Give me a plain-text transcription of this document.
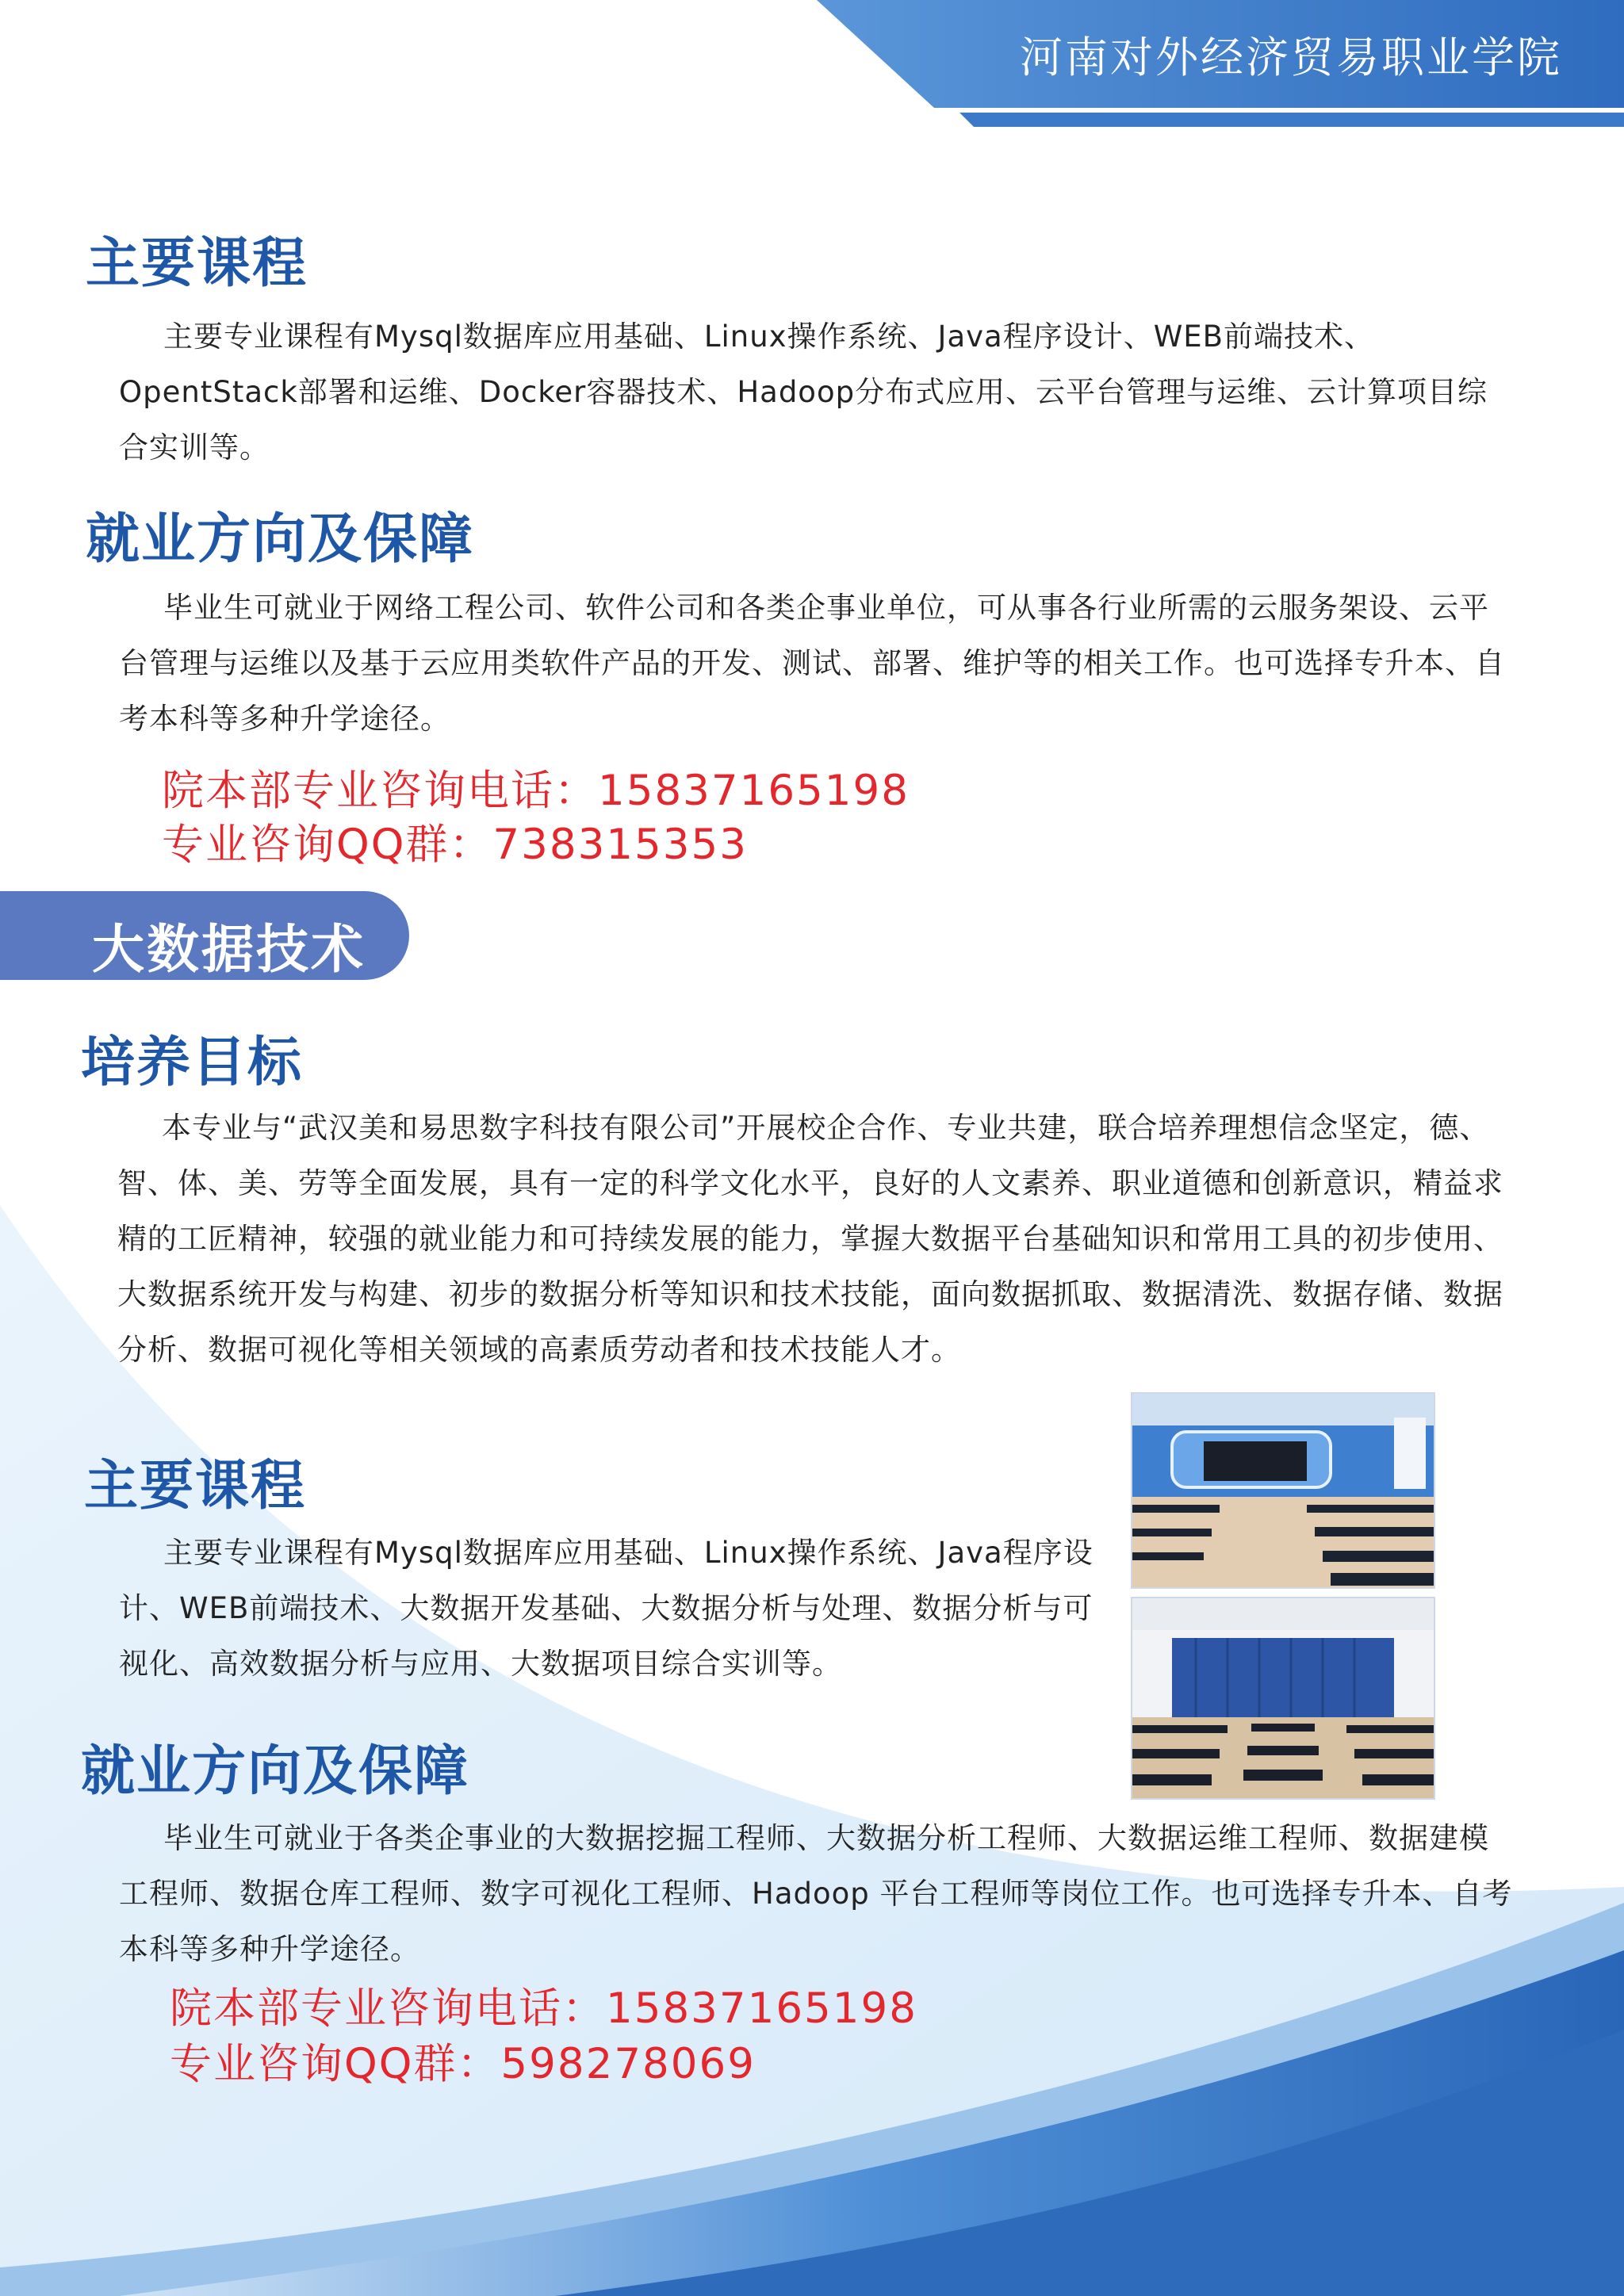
河南对外经济贸易职业学院
主要课程

主要专业课程有Mysql数据库应用基础、Linux操作系统、Java程序设计、WEB前端技术、OpentStack部署和运维、Docker容器技术、Hadoop分布式应用、云平台管理与运维、云计算项目综合实训等。

就业方向及保障

毕业生可就业于网络工程公司、软件公司和各类企事业单位，可从事各行业所需的云服务架设、云平台管理与运维以及基于云应用类软件产品的开发、测试、部署、维护等的相关工作。也可选择专升本、自考本科等多种升学途径。

院本部专业咨询电话：15837165198
专业咨询QQ群：738315353
大数据技术
培养目标

本专业与“武汉美和易思数字科技有限公司”开展校企合作、专业共建，联合培养理想信念坚定，德、智、体、美、劳等全面发展，具有一定的科学文化水平，良好的人文素养、职业道德和创新意识，精益求精的工匠精神，较强的就业能力和可持续发展的能力，掌握大数据平台基础知识和常用工具的初步使用、大数据系统开发与构建、初步的数据分析等知识和技术技能，面向数据抓取、数据清洗、数据存储、数据分析、数据可视化等相关领域的高素质劳动者和技术技能人才。

主要课程

主要专业课程有Mysql数据库应用基础、Linux操作系统、Java程序设计、WEB前端技术、大数据开发基础、大数据分析与处理、数据分析与可视化、高效数据分析与应用、大数据项目综合实训等。

就业方向及保障

毕业生可就业于各类企事业的大数据挖掘工程师、大数据分析工程师、大数据运维工程师、数据建模工程师、数据仓库工程师、数字可视化工程师、Hadoop 平台工程师等岗位工作。也可选择专升本、自考本科等多种升学途径。

院本部专业咨询电话：15837165198
专业咨询QQ群：598278069
